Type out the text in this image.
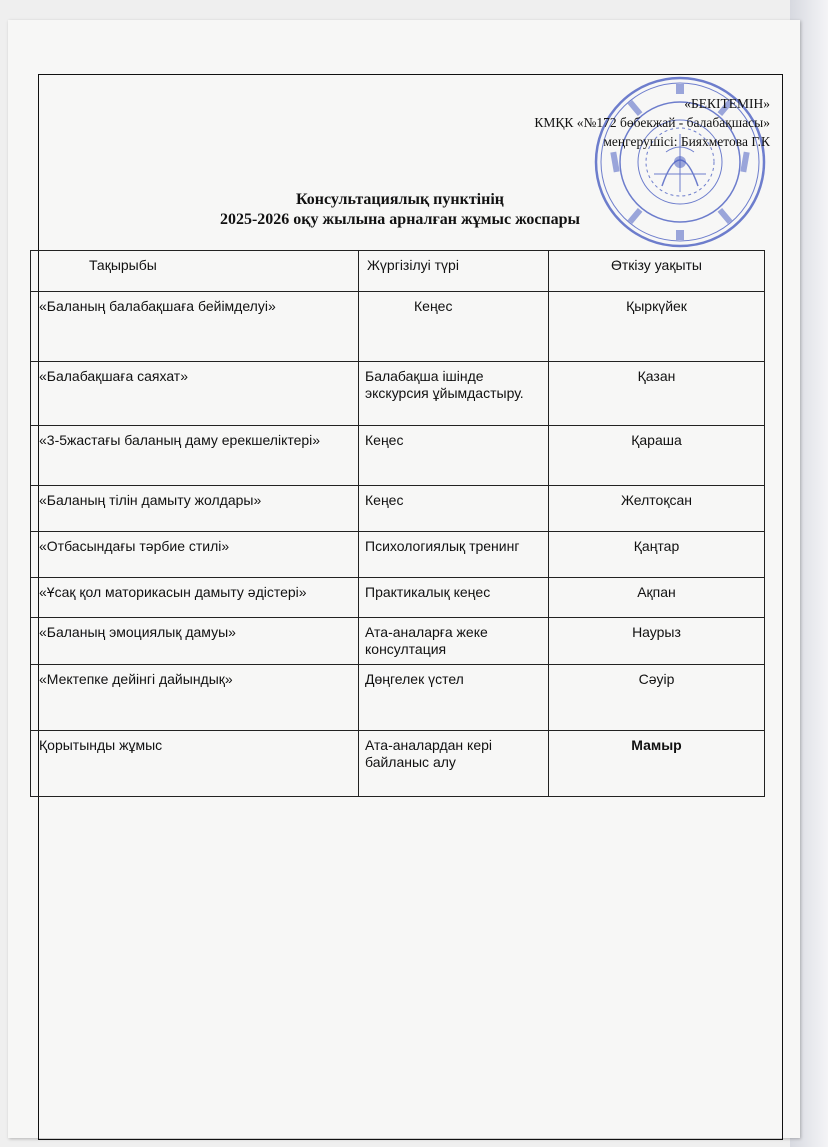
«БЕКІТЕМІН»
КМҚК «№172 бөбекжай - балабақшасы»
меңгерушісі: Бияхметова Г.К
Консультациялық пунктінің
2025-2026 оқу жылына арналған жұмыс жоспары
Тақырыбы	Жүргізілуі түрі	Өткізу уақыты
«Баланың балабақшаға бейімделуі»	Кеңес	Қыркүйек
«Балабақшаға саяхат»	Балабақша ішінде экскурсия ұйымдастыру.	Қазан
«3-5жастағы баланың даму ерекшеліктері»	Кеңес	Қараша
«Баланың тілін дамыту жолдары»	Кеңес	Желтоқсан
«Отбасындағы тәрбие стилі»	Психологиялық тренинг	Қаңтар
«Ұсақ қол маторикасын дамыту әдістері»	Практикалық кеңес	Ақпан
«Баланың эмоциялық дамуы»	Ата-аналарға жеке консултация	Наурыз
«Мектепке дейінгі дайындық»	Дөңгелек үстел	Сәуір
Қорытынды жұмыс	Ата-аналардан кері байланыс алу	Мамыр
